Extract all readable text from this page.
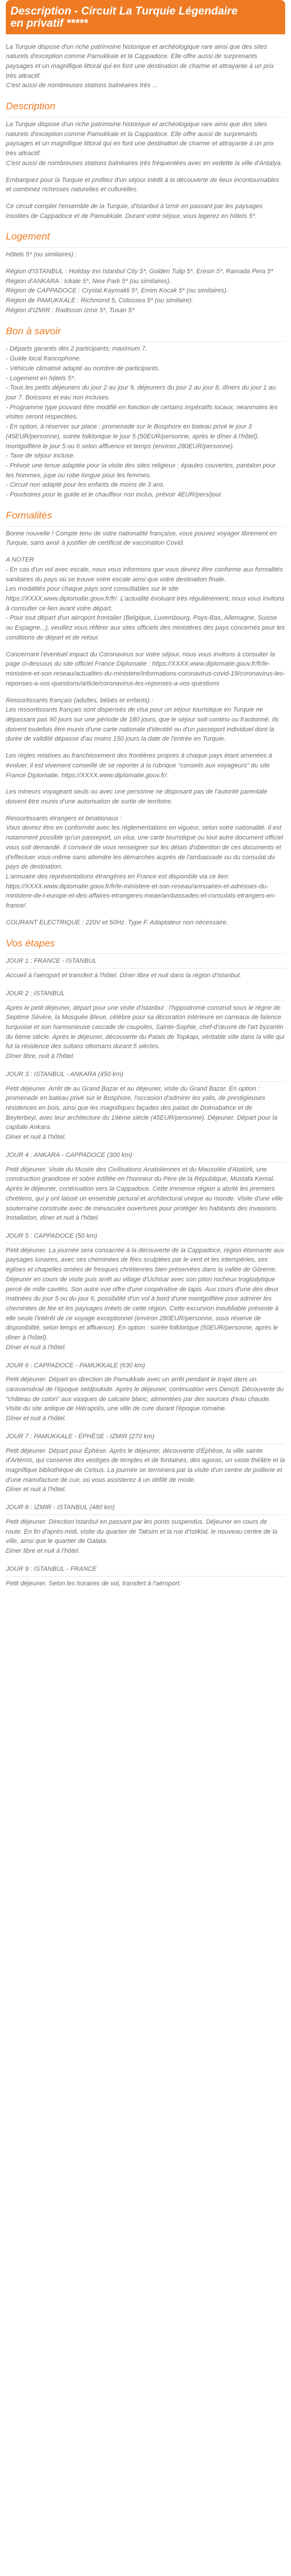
Description - Circuit La Turquie Légendaire
en privatif *****

La Turquie dispose d'un riche patrimoine historique et archéologique rare ainsi que des sites naturels d'exception comme Pamukkale et la Cappadoce. Elle offre aussi de surprenants paysages et un magnifique littoral qui en font une destination de charme et attrayante à un prix très attractif.
C'est aussi de nombreuses stations balnéaires très ...

Description

La Turquie dispose d'un riche patrimoine historique et archéologique rare ainsi que des sites naturels d'exception comme Pamukkale et la Cappadoce. Elle offre aussi de surprenants paysages et un magnifique littoral qui en font une destination de charme et attrayante à un prix très attractif.
C'est aussi de nombreuses stations balnéaires très fréquentées avec en vedette la ville d'Antalya.

Embarquez pour la Turquie et profitez d'un séjour inédit à la découverte de lieux incontournables et combinez richesses naturelles et culturelles.

Ce circuit complet l'ensemble de la Turquie, d'Istanbul à Izmir en passant par les paysages insolites de Cappadoce et de Pamukkale. Durant votre séjour, vous logerez en hôtels 5*.

Logement

Hôtels 5* (ou similaires) :

Région d'ISTANBUL : Holiday Inn Istanbul City 5*, Golden Tulip 5*, Eresin 5*, Ramada Pera 5*
Région d'ANKARA : Ickale 5*, New Park 5* (ou similaires).
Région de CAPPADOCE : Crystal Kaymakli 5*, Emim Kocak 5* (ou similaires).
Région de PAMUKKALE : Richmond 5, Colossea 5* (ou similaire).
Région d'IZMIR : Radisson Izmir 5*, Tusan 5*

Bon à savoir

- Départs garantis dès 2 participants; maximum 7.
- Guide local francophone.
- Véhicule climatisé adapté au nombre de participants.
- Logement en hôtels 5*.
- Tous les petits déjeuners du jour 2 au jour 9, déjeuners du jour 2 au jour 8, dîners du jour 1 au jour 7. Boissons et eau non incluses.
- Programme type pouvant être modifié en fonction de certains impératifs locaux, néanmoins les visites seront respectées.
- En option, à réserver sur place : promenade sur le Bosphore en bateau privé le jour 3 (45EUR/personne), soirée folklorique le jour 5 (50EUR/personne, après le dîner à l'hôtel), montgolfière le jour 5 ou 6 selon affluence et temps (environ 280EUR/personne).
- Taxe de séjour incluse.
- Prévoir une tenue adaptée pour la visite des sites religieux : épaules couvertes, pantalon pour les hommes, jupe ou robe longue pour les femmes.
- Circuit non adapté pour les enfants de moins de 3 ans.
- Pourboires pour le guide et le chauffeur non inclus, prévoir 4EUR/pers/jour.

Formalités

Bonne nouvelle ! Compte tenu de votre nationalité française, vous pouvez voyager librement en Turquie, sans avoir à justifier de certificat de vaccination Covid.

A NOTER
- En cas d'un vol avec escale, nous vous informons que vous devrez être conforme aux formalités sanitaires du pays où se trouve votre escale ainsi que votre destination finale.
Les modalités pour chaque pays sont consultables sur le site https://XXXX.www.diplomatie.gouv.fr/fr/. L'actualité évoluant très régulièrement, nous vous invitons à consulter ce lien avant votre départ.
- Pour tout départ d'un aéroport frontalier (Belgique, Luxembourg, Pays-Bas, Allemagne, Suisse ou Espagne...), veuillez vous référer aux sites officiels des ministères des pays concernés pour les conditions de départ et de retour.

Concernant l'éventuel impact du Coronavirus sur votre séjour, nous vous invitons à consulter la page ci-dessous du site officiel France Diplomatie : https://XXXX.www.diplomatie.gouv.fr/fr/le-ministere-et-son-reseau/actualites-du-ministere/informations-coronavirus-covid-19/coronavirus-les-reponses-a-vos-questions/article/coronavirus-les-reponses-a-vos-questions

Ressortissants français (adultes, bébés et enfants) :
Les ressortissants français sont dispensés de visa pour un séjour touristique en Turquie ne dépassant pas 90 jours sur une période de 180 jours, que le séjour soit continu ou fractionné. Ils doivent toutefois être munis d'une carte nationale d'identité ou d'un passeport individuel dont la durée de validité dépasse d'au moins 150 jours la date de l'entrée en Turquie.

Les règles relatives au franchissement des frontières propres à chaque pays étant amenées à évoluer, il est vivement conseillé de se reporter à la rubrique "conseils aux voyageurs" du site France Diplomatie, https://XXXX.www.diplomatie.gouv.fr/.

Les mineurs voyageant seuls ou avec une personne ne disposant pas de l'autorité parentale doivent être munis d'une autorisation de sortie de territoire.

Ressortissants étrangers et binationaux :
Vous devrez être en conformité avec les réglementations en vigueur, selon votre nationalité. Il est notamment possible qu'un passeport, un visa, une carte touristique ou tout autre document officiel vous soit demandé. Il convient de vous renseigner sur les délais d'obtention de ces documents et d'effectuer vous-même sans attendre les démarches auprès de l'ambassade ou du consulat du pays de destination.
L'annuaire des représentations étrangères en France est disponible via ce lien: https://XXXX.www.diplomatie.gouv.fr/fr/le-ministere-et-son-reseau/annuaires-et-adresses-du-ministere-de-l-europe-et-des-affaires-etrangeres-meae/ambassades-et-consulats-etrangers-en-france/.

COURANT ELECTRIQUE : 220V et 50Hz. Type F. Adaptateur non nécessaire.

Vos étapes
JOUR 1 : FRANCE - ISTANBUL

Accueil à l'aéroport et transfert à l'hôtel. Dîner libre et nuit dans la région d'Istanbul.

JOUR 2 : ISTANBUL

Après le petit déjeuner, départ pour une visite d'Istanbul : l'hippodrome construit sous le règne de Septime Sévère, la Mosquée Bleue, célèbre pour sa décoration intérieure en carreaux de faïence turquoise et son harmonieuse cascade de coupoles, Sainte-Sophie, chef-d'œuvre de l'art byzantin du 6ème siècle. Après le déjeuner, découverte du Palais de Topkapi, véritable ville dans la ville qui fut la résidence des sultans ottomans durant 5 siècles.
Dîner libre, nuit à l'hôtel.

JOUR 3 : ISTANBUL - ANKARA (450 km)

Petit déjeuner. Arrêt de au Grand Bazar et au déjeuner, visite du Grand Bazar. En option : promenade en bateau privé sur le Bosphore, l'occasion d'admirer les yalis, de prestigieuses résidences en bois, ainsi que les magnifiques façades des palais de Dolmabahce et de Beylerbeyi, avec leur architecture du 19ème siècle (45EUR/personne). Déjeuner. Départ pour la capitale Ankara.
Dîner et nuit à l'hôtel.

JOUR 4 : ANKARA - CAPPADOCE (300 km)

Petit déjeuner. Visite du Musée des Civilisations Anatoliennes et du Mausolée d'Atatürk, une construction grandiose et sobre édifiée en l'honneur du Père de la République, Mustafa Kemal. Après le déjeuner, continuation vers la Cappadoce. Cette immense région a abrité les premiers chrétiens, qui y ont laissé un ensemble pictural et architectural unique au monde. Visite d'une ville souterraine construite avec de minuscules ouvertures pour protéger les habitants des invasions.
Installation, dîner et nuit à l'hôtel.

JOUR 5 : CAPPADOCE (50 km)

Petit déjeuner. La journée sera consacrée à la découverte de la Cappadoce, région étonnante aux paysages lunaires, avec ses cheminées de fées sculptées par le vent et les intempéries, ses églises et chapelles ornées de fresques chrétiennes bien préservées dans la vallée de Göreme. Déjeuner en cours de visite puis arrêt au village d'Uchisar avec son piton rocheux troglodytique percé de mille cavités. Son autre vue offre d'une coopérative de tapis. Aux cours d'une des deux matinées du jour 5 ou du jour 6, possibilité d'un vol à bord d'une montgolfière pour admirer les cheminées de fée et les paysages irréels de cette région. Cette excursion inoubliable présente à elle seule l'intérêt de ce voyage exceptionnel (environ 280EUR/personne, sous réserve de disponibilité, selon temps et affluence). En option : soirée folklorique (50EUR/personne, après le dîner à l'hôtel).
Dîner et nuit à l'hôtel.

JOUR 6 : CAPPADOCE - PAMUKKALE (630 km)

Petit déjeuner. Départ en direction de Pamukkale avec un arrêt pendant le trajet dans un caravansérail de l'époque seldjoukide. Après le déjeuner, continuation vers Denizli. Découverte du "château de coton" aux vasques de calcaire blanc, alimentées par des sources d'eau chaude. Visite du site antique de Hiérapolis, une ville de cure durant l'époque romaine.
Dîner et nuit à l'hôtel.

JOUR 7 : PAMUKKALE - ÉPHÈSE - IZMIR (270 km)

Petit déjeuner. Départ pour Éphèse. Après le déjeuner, découverte d'Éphèse, la ville sainte d'Artémis, qui conserve des vestiges de temples et de fontaines, des agoras, un vaste théâtre et la magnifique bibliothèque de Celsus. La journée se terminera par la visite d'un centre de poillerie et d'une manufacture de cuir, où vous assisterez à un défilé de mode.
Dîner et nuit à l'hôtel.

JOUR 8 : IZMIR - ISTANBUL (480 km)

Petit déjeuner. Direction Istanbul en passant par les ponts suspendus. Déjeuner en cours de route. En fin d'après-midi, visite du quartier de Taksim et la rue d'Istiklal, le nouveau centre de la ville, ainsi que le quartier de Galata.
Dîner libre et nuit à l'hôtel.

JOUR 9 : ISTANBUL - FRANCE

Petit déjeuner. Selon les horaires de vol, transfert à l'aéroport.
